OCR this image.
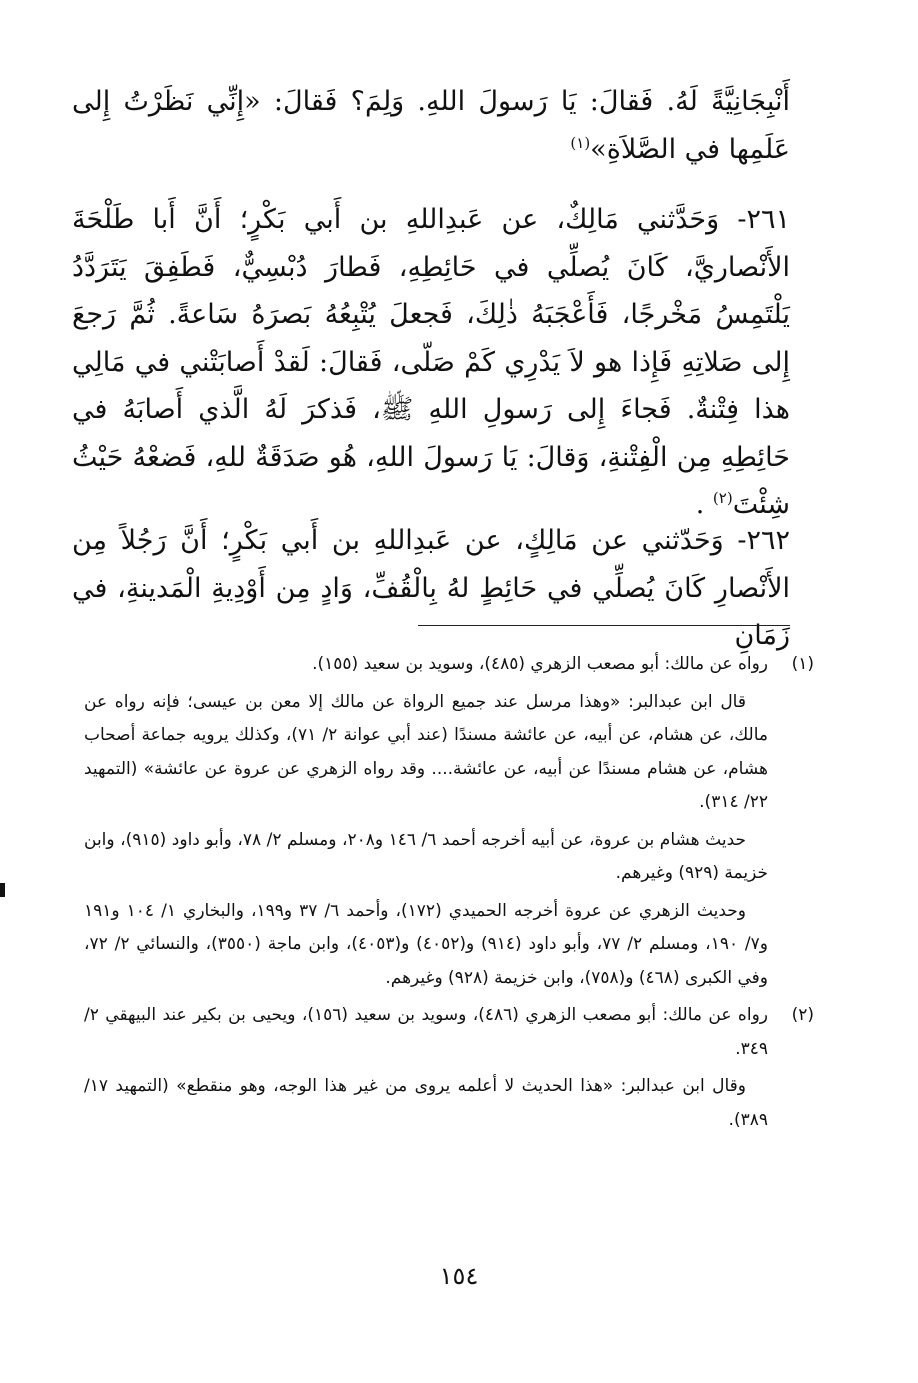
أَنْبِجَانِيَّةً لَهُ. فَقالَ: يَا رَسولَ اللهِ. وَلِمَ؟ فَقالَ: «إِنِّي نَظَرْتُ إِلى عَلَمِها في الصَّلاَةِ»$^{(١)}$

٢٦١- وَحَدَّثني مَالِكٌ، عن عَبدِاللهِ بن أَبي بَكْرٍ؛ أَنَّ أَبا طَلْحَةَ الأَنْصاريَّ، كَانَ يُصلِّي في حَائِطِهِ، فَطارَ دُبْسِيٌّ، فَطَفِقَ يَتَرَدَّدُ يَلْتَمِسُ مَخْرجًا، فَأَعْجَبَهُ ذٰلِكَ، فَجعلَ يُتْبِعُهُ بَصرَهُ سَاعةً. ثُمَّ رَجعَ إِلى صَلاتِهِ فَإِذا هو لاَ يَدْرِي كَمْ صَلّى، فَقالَ: لَقدْ أَصابَتْني في مَالِي هذا فِتْنةٌ. فَجاءَ إِلى رَسولِ اللهِ ﷺ، فَذكرَ لَهُ الَّذي أَصابَهُ في حَائِطِهِ مِن الْفِتْنةِ، وَقالَ: يَا رَسولَ اللهِ، هُو صَدَقَةٌ للهِ، فَضعْهُ حَيْثُ شِئْتَ$^{(٢)}$ .

٢٦٢- وَحَدّثني عن مَالِكٍ، عن عَبدِاللهِ بن أَبي بَكْرٍ؛ أَنَّ رَجُلاً مِن الأَنْصارِ كَانَ يُصلِّي في حَائِطٍ لهُ بِالْقُفِّ، وَادٍ مِن أَوْدِيةِ الْمَدينةِ، في زَمَانِ

(١)

رواه عن مالك: أبو مصعب الزهري (٤٨٥)، وسويد بن سعيد (١٥٥).

قال ابن عبدالبر: «وهذا مرسل عند جميع الرواة عن مالك إلا معن بن عيسى؛ فإنه رواه عن مالك، عن هشام، عن أبيه، عن عائشة مسندًا (عند أبي عوانة ٢/ ٧١)، وكذلك يرويه جماعة أصحاب هشام، عن هشام مسندًا عن أبيه، عن عائشة.... وقد رواه الزهري عن عروة عن عائشة» (التمهيد ٢٢/ ٣١٤).

حديث هشام بن عروة، عن أبيه أخرجه أحمد ٦/ ١٤٦ و٢٠٨، ومسلم ٢/ ٧٨، وأبو داود (٩١٥)، وابن خزيمة (٩٢٩) وغيرهم.

وحديث الزهري عن عروة أخرجه الحميدي (١٧٢)، وأحمد ٦/ ٣٧ و١٩٩، والبخاري ١/ ١٠٤ و١٩١ و٧/ ١٩٠، ومسلم ٢/ ٧٧، وأبو داود (٩١٤) و(٤٠٥٢) و(٤٠٥٣)، وابن ماجة (٣٥٥٠)، والنسائي ٢/ ٧٢، وفي الكبرى (٤٦٨) و(٧٥٨)، وابن خزيمة (٩٢٨) وغيرهم.

(٢)

رواه عن مالك: أبو مصعب الزهري (٤٨٦)، وسويد بن سعيد (١٥٦)، ويحيى بن بكير عند البيهقي ٢/ ٣٤٩.

وقال ابن عبدالبر: «هذا الحديث لا أعلمه يروى من غير هذا الوجه، وهو منقطع» (التمهيد ١٧/ ٣٨٩).

١٥٤
